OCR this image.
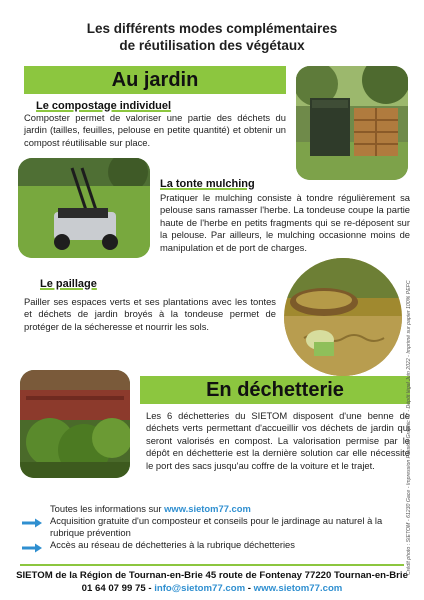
Les différents modes complémentaires
de réutilisation des végétaux
Au jardin
Le compostage individuel
Composter permet de valoriser une partie des déchets du jardin (tailles, feuilles, pelouse en petite quantité) et obtenir un compost réutilisable sur place.
La tonte mulching
Pratiquer le mulching consiste à tondre régulièrement sa pelouse sans ramasser l'herbe. La tondeuse coupe la partie haute de l'herbe en petits fragments qui se re-déposent sur la pelouse. Par ailleurs, le mulching occasionne moins de manipulation et de port de charges.
Le paillage
Pailler ses espaces verts et ses plantations avec les tontes et déchets de jardin broyés à la tondeuse permet de protéger de la sécheresse et nourrir les sols.
En déchetterie
Les 6 déchetteries du SIETOM disposent d'une benne de déchets verts permettant d'accueillir vos déchets de jardin qui seront valorisés en compost. La valorisation permise par le dépôt en déchetterie est la dernière solution car elle nécessite le port des sacs jusqu'au coffre de la voiture et le trajet.
Toutes les informations sur www.sietom77.com
Acquisition gratuite d'un composteur et conseils pour le jardinage au naturel à la rubrique prévention
Accès au réseau de déchetteries à la rubrique déchetteries
SIETOM de la Région de Tournan-en-Brie 45 route de Fontenay 77220 Tournan-en-Brie
01 64 07 99 75 - info@sietom77.com - www.sietom77.com
Crédit photo : SIETOM - 61230 Gace - Impression Passion Graphic 77 - Dépôt légal Juin 2022 - Imprimé sur papier 100% PEFC
